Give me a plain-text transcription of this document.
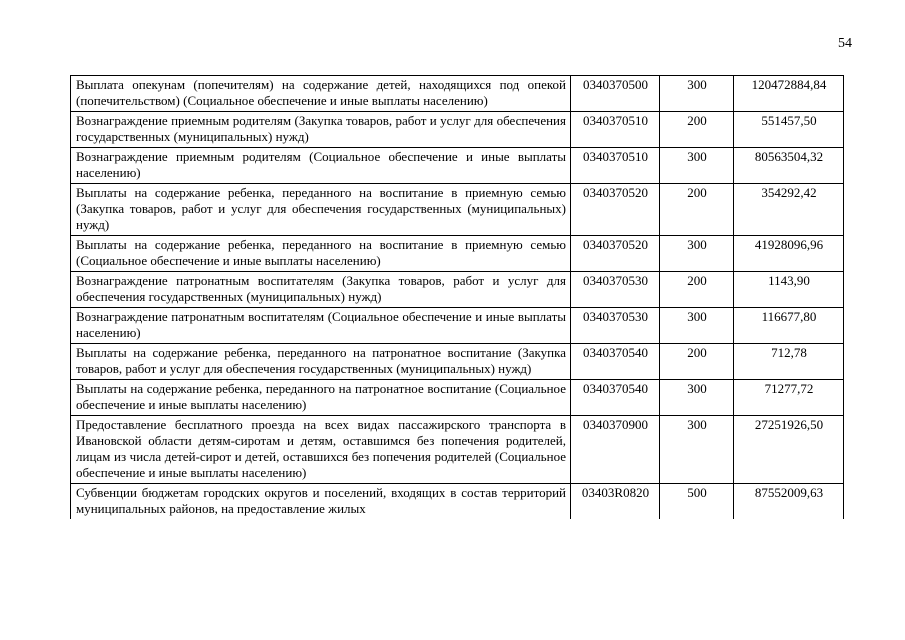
54
Выплата опекунам (попечителям) на содержание детей, находящихся под опекой (попечительством) (Социальное обеспечение и иные выплаты населению)	0340370500	300	120472884,84
Вознаграждение приемным родителям (Закупка товаров, работ и услуг для обеспечения государственных (муниципальных) нужд)	0340370510	200	551457,50
Вознаграждение приемным родителям (Социальное обеспечение и иные выплаты населению)	0340370510	300	80563504,32
Выплаты на содержание ребенка, переданного на воспитание в приемную семью (Закупка товаров, работ и услуг для обеспечения государственных (муниципальных) нужд)	0340370520	200	354292,42
Выплаты на содержание ребенка, переданного на воспитание в приемную семью (Социальное обеспечение и иные выплаты населению)	0340370520	300	41928096,96
Вознаграждение патронатным воспитателям (Закупка товаров, работ и услуг для обеспечения государственных (муниципальных) нужд)	0340370530	200	1143,90
Вознаграждение патронатным воспитателям (Социальное обеспечение и иные выплаты населению)	0340370530	300	116677,80
Выплаты на содержание ребенка, переданного на патронатное воспитание (Закупка товаров, работ и услуг для обеспечения государственных (муниципальных) нужд)	0340370540	200	712,78
Выплаты на содержание ребенка, переданного на патронатное воспитание (Социальное обеспечение и иные выплаты населению)	0340370540	300	71277,72
Предоставление бесплатного проезда на всех видах пассажирского транспорта в Ивановской области детям-сиротам и детям, оставшимся без попечения родителей, лицам из числа детей-сирот и детей, оставшихся без попечения родителей (Социальное обеспечение и иные выплаты населению)	0340370900	300	27251926,50
Субвенции бюджетам городских округов и поселений, входящих в состав территорий муниципальных районов, на предоставление жилых	03403R0820	500	87552009,63
